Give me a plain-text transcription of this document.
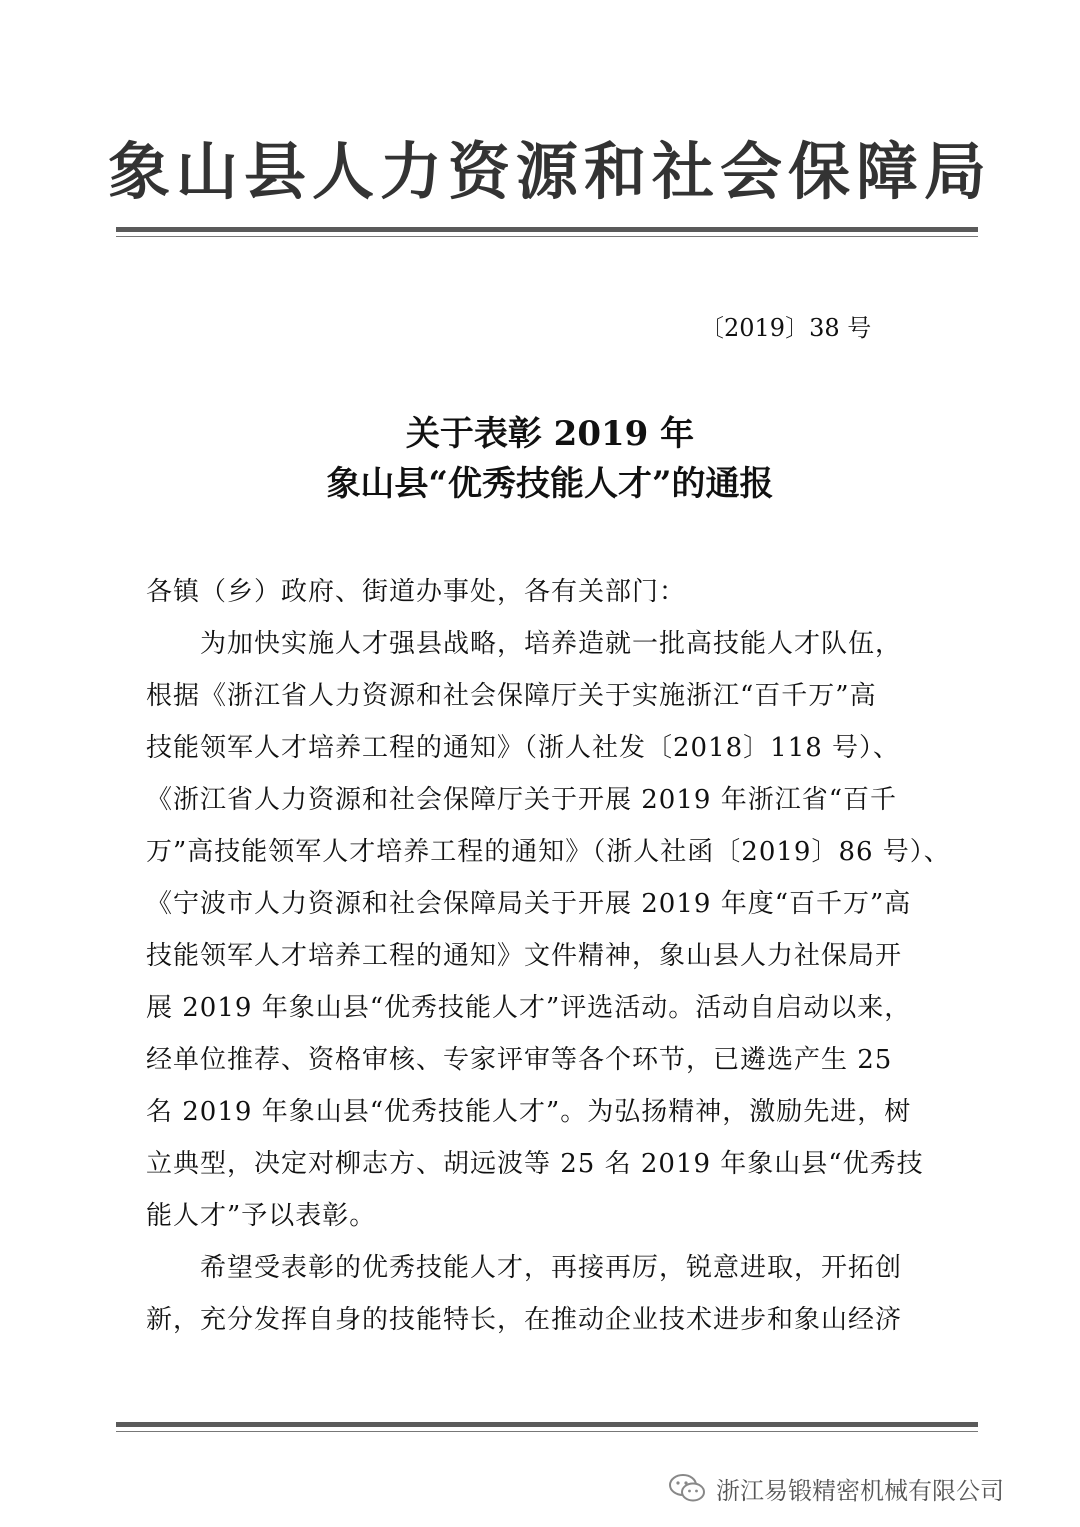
象山县人力资源和社会保障局
〔2019〕38 号
关于表彰 2019 年
象山县“优秀技能人才”的通报
各镇（乡）政府、街道办事处，各有关部门：
　　为加快实施人才强县战略，培养造就一批高技能人才队伍，
根据《浙江省人力资源和社会保障厅关于实施浙江“百千万”高
技能领军人才培养工程的通知》（浙人社发〔2018〕118 号）、
《浙江省人力资源和社会保障厅关于开展 2019 年浙江省“百千
万”高技能领军人才培养工程的通知》（浙人社函〔2019〕86 号）、
《宁波市人力资源和社会保障局关于开展 2019 年度“百千万”高
技能领军人才培养工程的通知》文件精神，象山县人力社保局开
展 2019 年象山县“优秀技能人才”评选活动。活动自启动以来，
经单位推荐、资格审核、专家评审等各个环节，已遴选产生 25
名 2019 年象山县“优秀技能人才”。为弘扬精神，激励先进，树
立典型，决定对柳志方、胡远波等 25 名 2019 年象山县“优秀技
能人才”予以表彰。
　　希望受表彰的优秀技能人才，再接再厉，锐意进取，开拓创
新，充分发挥自身的技能特长，在推动企业技术进步和象山经济
浙江易锻精密机械有限公司
